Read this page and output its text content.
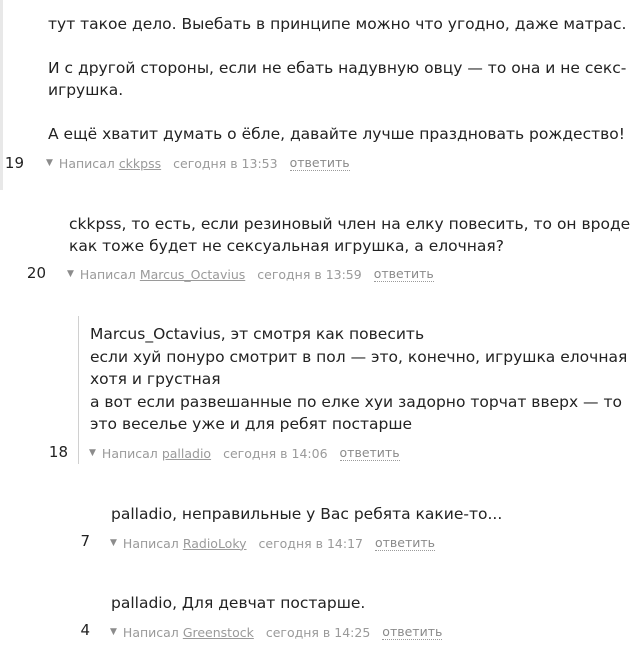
тут такое дело. Выебать в принципе можно что угодно, даже матрас.
И с другой стороны, если не ебать надувную овцу — то она и не секс-
игрушка.
А ещё хватит думать о ёбле, давайте лучше праздновать рождество!
19 ▼ Написал ckkpss сегодня в 13:53 ответить
ckkpss, то есть, если резиновый член на елку повесить, то он вроде
как тоже будет не сексуальная игрушка, а елочная?
20 ▼ Написал Marcus_Octavius сегодня в 13:59 ответить
Marcus_Octavius, эт смотря как повесить
если хуй понуро смотрит в пол — это, конечно, игрушка елочная
хотя и грустная
а вот если развешанные по елке хуи задорно торчат вверх — то
это веселье уже и для ребят постарше
18 ▼ Написал palladio сегодня в 14:06 ответить
palladio, неправильные у Вас ребята какие-то...
7 ▼ Написал RadioLoky сегодня в 14:17 ответить
palladio, Для девчат постарше.
4 ▼ Написал Greenstock сегодня в 14:25 ответить
